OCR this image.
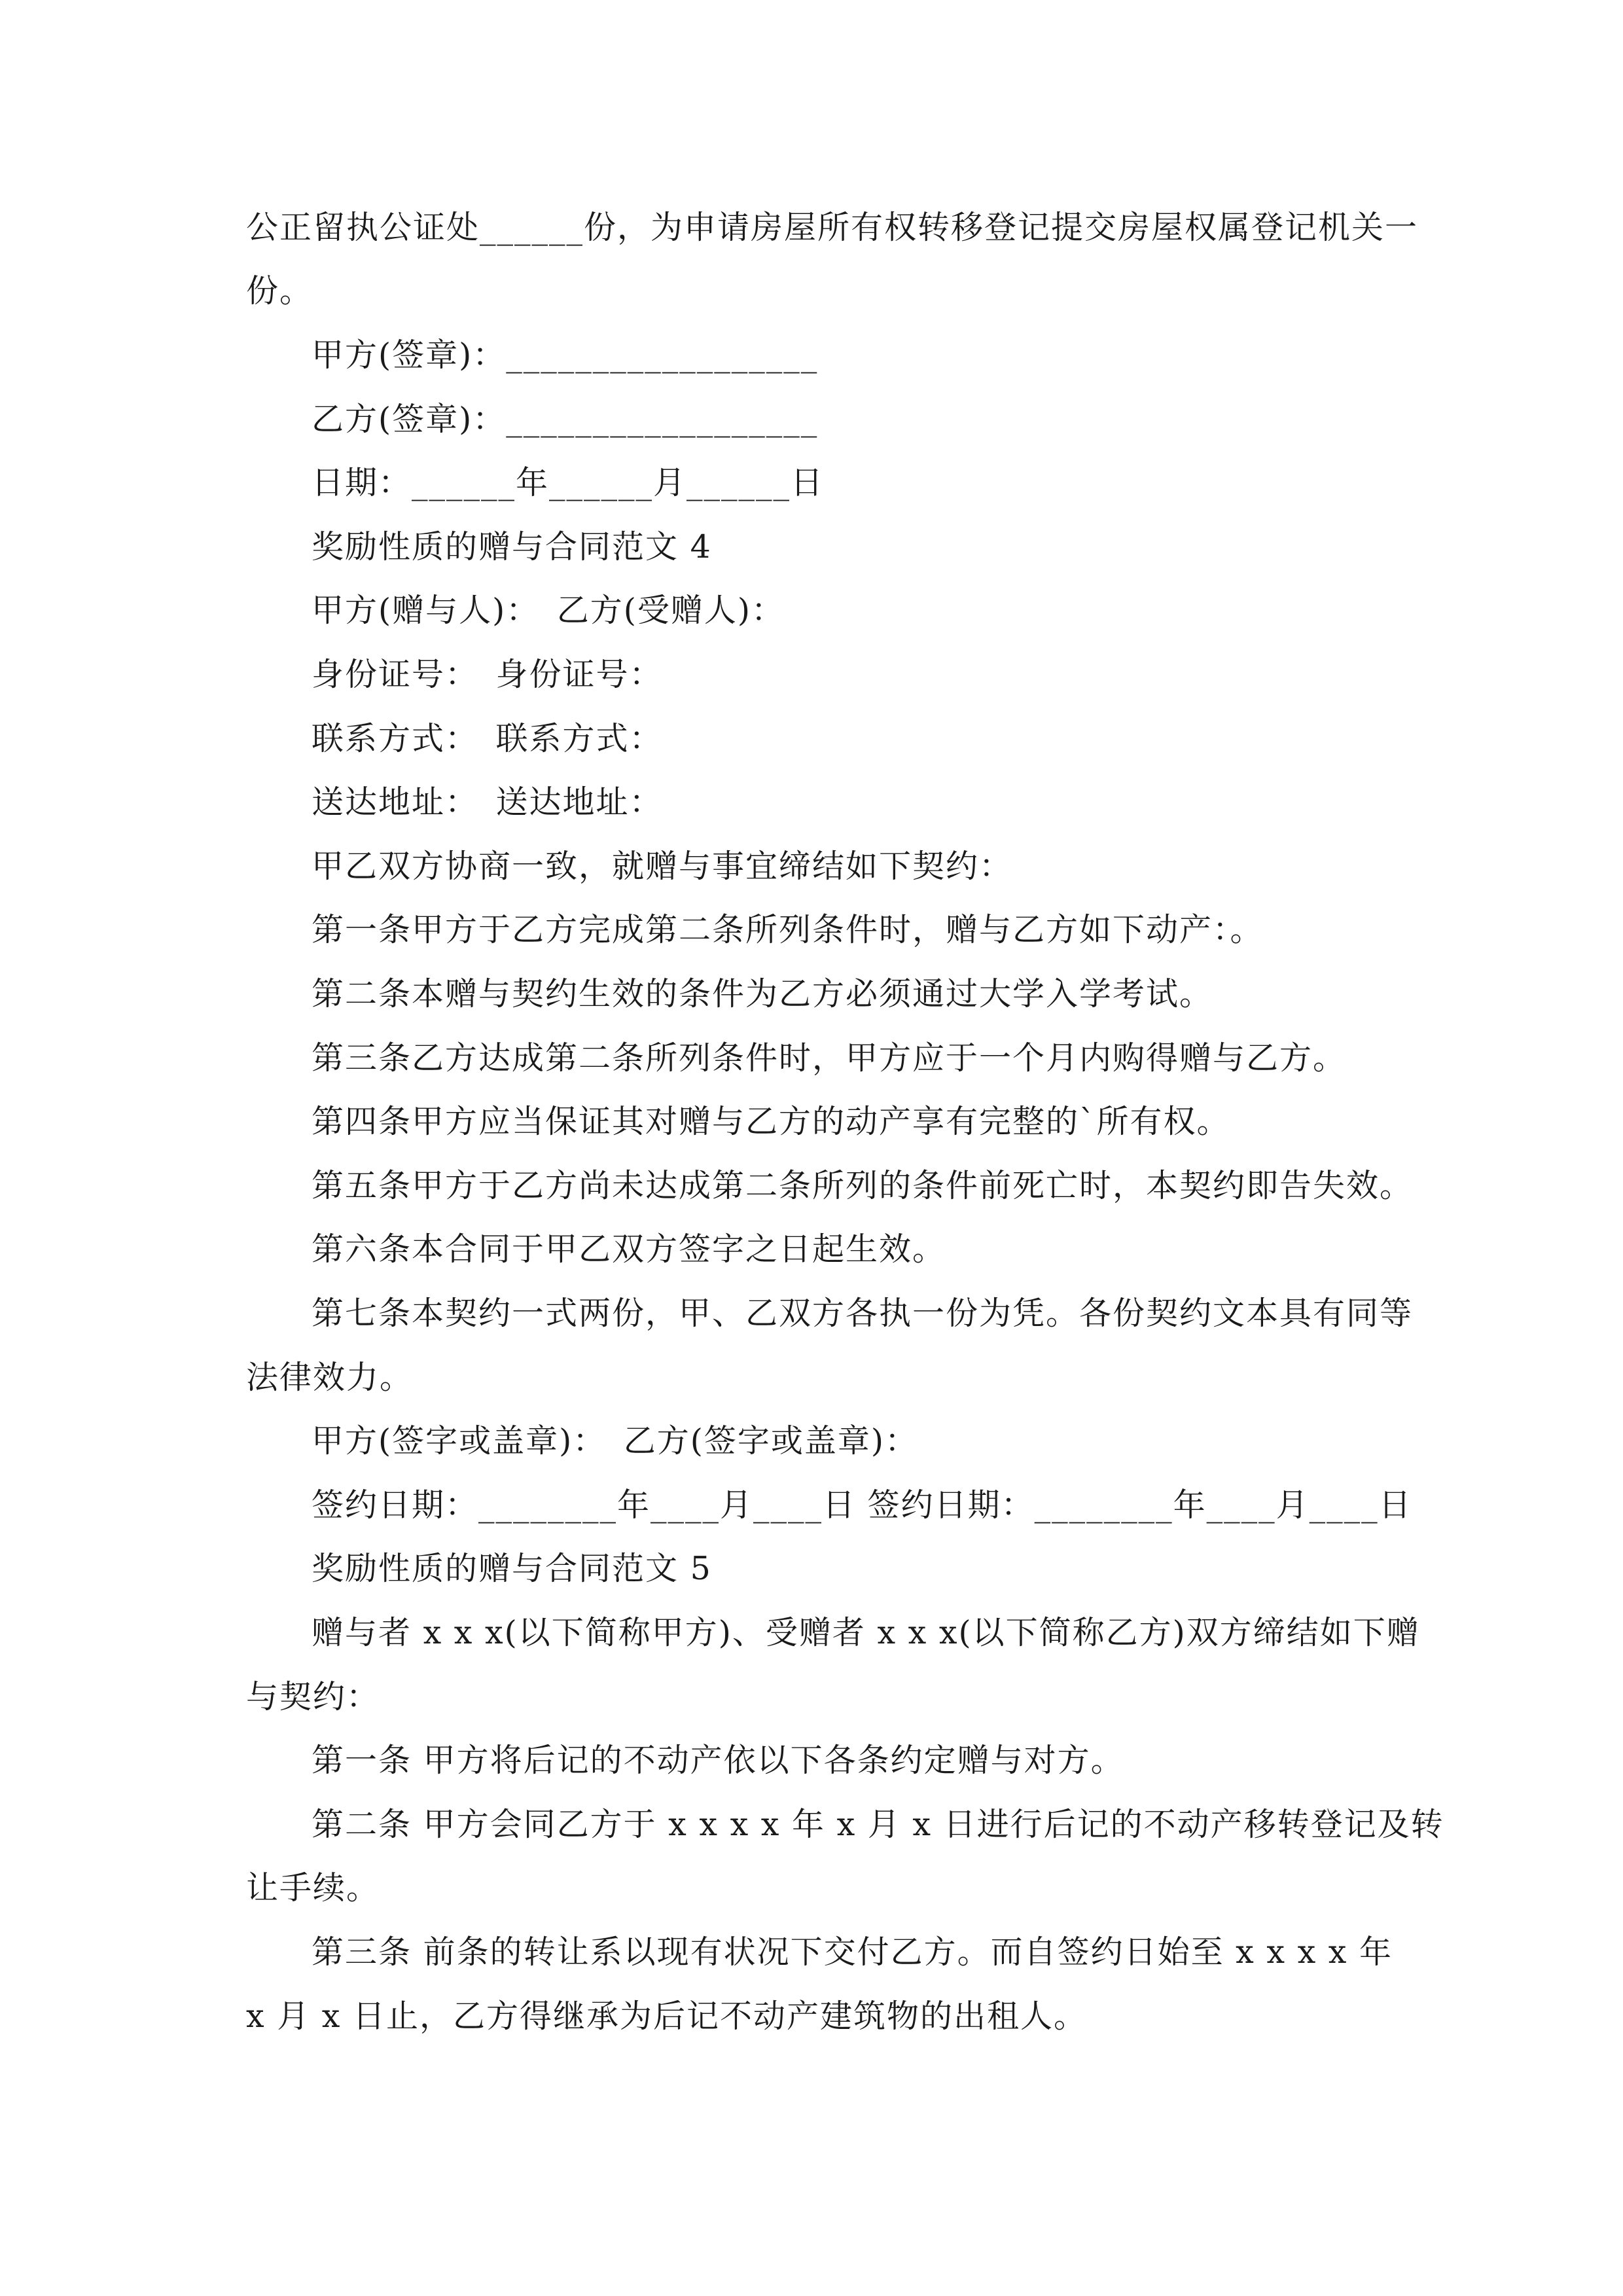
公正留执公证处______份，为申请房屋所有权转移登记提交房屋权属登记机关一
份。
甲方(签章)：__________________
乙方(签章)：__________________
日期：______年______月______日
奖励性质的赠与合同范文 4
甲方(赠与人)：　乙方(受赠人)：
身份证号：　身份证号：
联系方式：　联系方式：
送达地址：　送达地址：
甲乙双方协商一致，就赠与事宜缔结如下契约：
第一条甲方于乙方完成第二条所列条件时，赠与乙方如下动产：。
第二条本赠与契约生效的条件为乙方必须通过大学入学考试。
第三条乙方达成第二条所列条件时，甲方应于一个月内购得赠与乙方。
第四条甲方应当保证其对赠与乙方的动产享有完整的`所有权。
第五条甲方于乙方尚未达成第二条所列的条件前死亡时，本契约即告失效。
第六条本合同于甲乙双方签字之日起生效。
第七条本契约一式两份，甲、乙双方各执一份为凭。各份契约文本具有同等
法律效力。
甲方(签字或盖章)：　乙方(签字或盖章)：
签约日期：________年____月____日 签约日期：________年____月____日
奖励性质的赠与合同范文 5
赠与者 x x x(以下简称甲方)、受赠者 x x x(以下简称乙方)双方缔结如下赠
与契约：
第一条 甲方将后记的不动产依以下各条约定赠与对方。
第二条 甲方会同乙方于 x x x x 年 x 月 x 日进行后记的不动产移转登记及转
让手续。
第三条 前条的转让系以现有状况下交付乙方。而自签约日始至 x x x x 年
x 月 x 日止，乙方得继承为后记不动产建筑物的出租人。
